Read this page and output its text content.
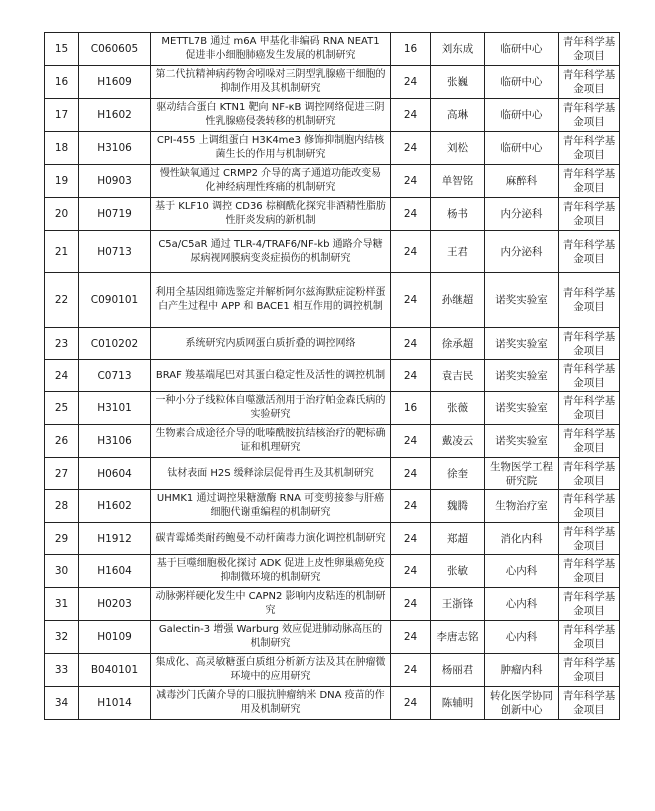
15	C060605	METTL7B 通过 m6A 甲基化非编码 RNA NEAT1 促进非小细胞肺癌发生发展的机制研究	16	刘东成	临研中心	青年科学基金项目
16	H1609	第二代抗精神病药物舍吲哚对三阴型乳腺癌干细胞的抑制作用及其机制研究	24	张巍	临研中心	青年科学基金项目
17	H1602	驱动结合蛋白 KTN1 靶向 NF-κB 调控网络促进三阴性乳腺癌侵袭转移的机制研究	24	高琳	临研中心	青年科学基金项目
18	H3106	CPI-455 上调组蛋白 H3K4me3 修饰抑制胞内结核菌生长的作用与机制研究	24	刘松	临研中心	青年科学基金项目
19	H0903	慢性缺氧通过 CRMP2 介导的离子通道功能改变易化神经病理性疼痛的机制研究	24	单智铭	麻醉科	青年科学基金项目
20	H0719	基于 KLF10 调控 CD36 棕榈酰化探究非酒精性脂肪性肝炎发病的新机制	24	杨书	内分泌科	青年科学基金项目
21	H0713	C5a/C5aR 通过 TLR-4/TRAF6/NF-kb 通路介导糖尿病视网膜病变炎症损伤的机制研究	24	王君	内分泌科	青年科学基金项目
22	C090101	利用全基因组筛选鉴定并解析阿尔兹海默症淀粉样蛋白产生过程中 APP 和 BACE1 相互作用的调控机制	24	孙继超	诺奖实验室	青年科学基金项目
23	C010202	系统研究内质网蛋白质折叠的调控网络	24	徐承超	诺奖实验室	青年科学基金项目
24	C0713	BRAF 羧基端尾巴对其蛋白稳定性及活性的调控机制	24	袁吉民	诺奖实验室	青年科学基金项目
25	H3101	一种小分子线粒体自噬激活剂用于治疗帕金森氏病的实验研究	16	张薇	诺奖实验室	青年科学基金项目
26	H3106	生物素合成途径介导的吡嗪酰胺抗结核治疗的靶标确证和机理研究	24	戴凌云	诺奖实验室	青年科学基金项目
27	H0604	钛材表面 H2S 缓释涂层促骨再生及其机制研究	24	徐奎	生物医学工程研究院	青年科学基金项目
28	H1602	UHMK1 通过调控果糖激酶 RNA 可变剪接参与肝癌细胞代谢重编程的机制研究	24	魏腾	生物治疗室	青年科学基金项目
29	H1912	碳青霉烯类耐药鲍曼不动杆菌毒力演化调控机制研究	24	郑超	消化内科	青年科学基金项目
30	H1604	基于巨噬细胞极化探讨 ADK 促进上皮性卵巢癌免疫抑制微环境的机制研究	24	张敏	心内科	青年科学基金项目
31	H0203	动脉粥样硬化发生中 CAPN2 影响内皮粘连的机制研究	24	王浙锋	心内科	青年科学基金项目
32	H0109	Galectin-3 增强 Warburg 效应促进肺动脉高压的机制研究	24	李唐志铭	心内科	青年科学基金项目
33	B040101	集成化、高灵敏糖蛋白质组分析新方法及其在肿瘤微环境中的应用研究	24	杨丽君	肿瘤内科	青年科学基金项目
34	H1014	减毒沙门氏菌介导的口服抗肿瘤纳米 DNA 疫苗的作用及机制研究	24	陈辅明	转化医学协同创新中心	青年科学基金项目
